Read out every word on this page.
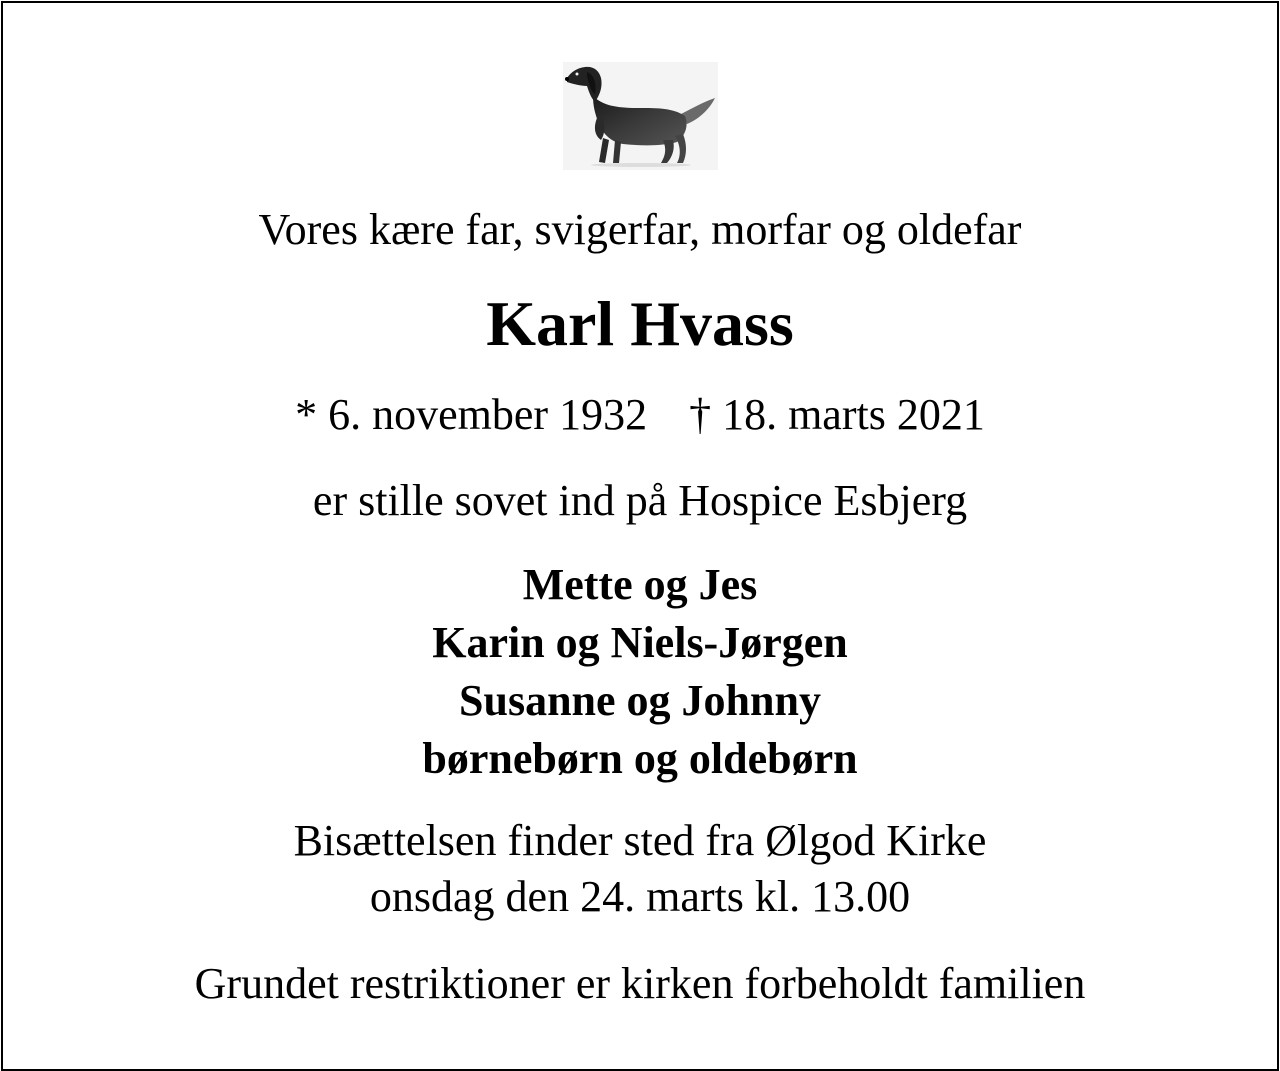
Vores kære far, svigerfar, morfar og oldefar
Karl Hvass
* 6. november 1932 † 18. marts 2021
er stille sovet ind på Hospice Esbjerg
Mette og Jes
Karin og Niels-Jørgen
Susanne og Johnny
børnebørn og oldebørn
Bisættelsen finder sted fra Ølgod Kirke
onsdag den 24. marts kl. 13.00
Grundet restriktioner er kirken forbeholdt familien
